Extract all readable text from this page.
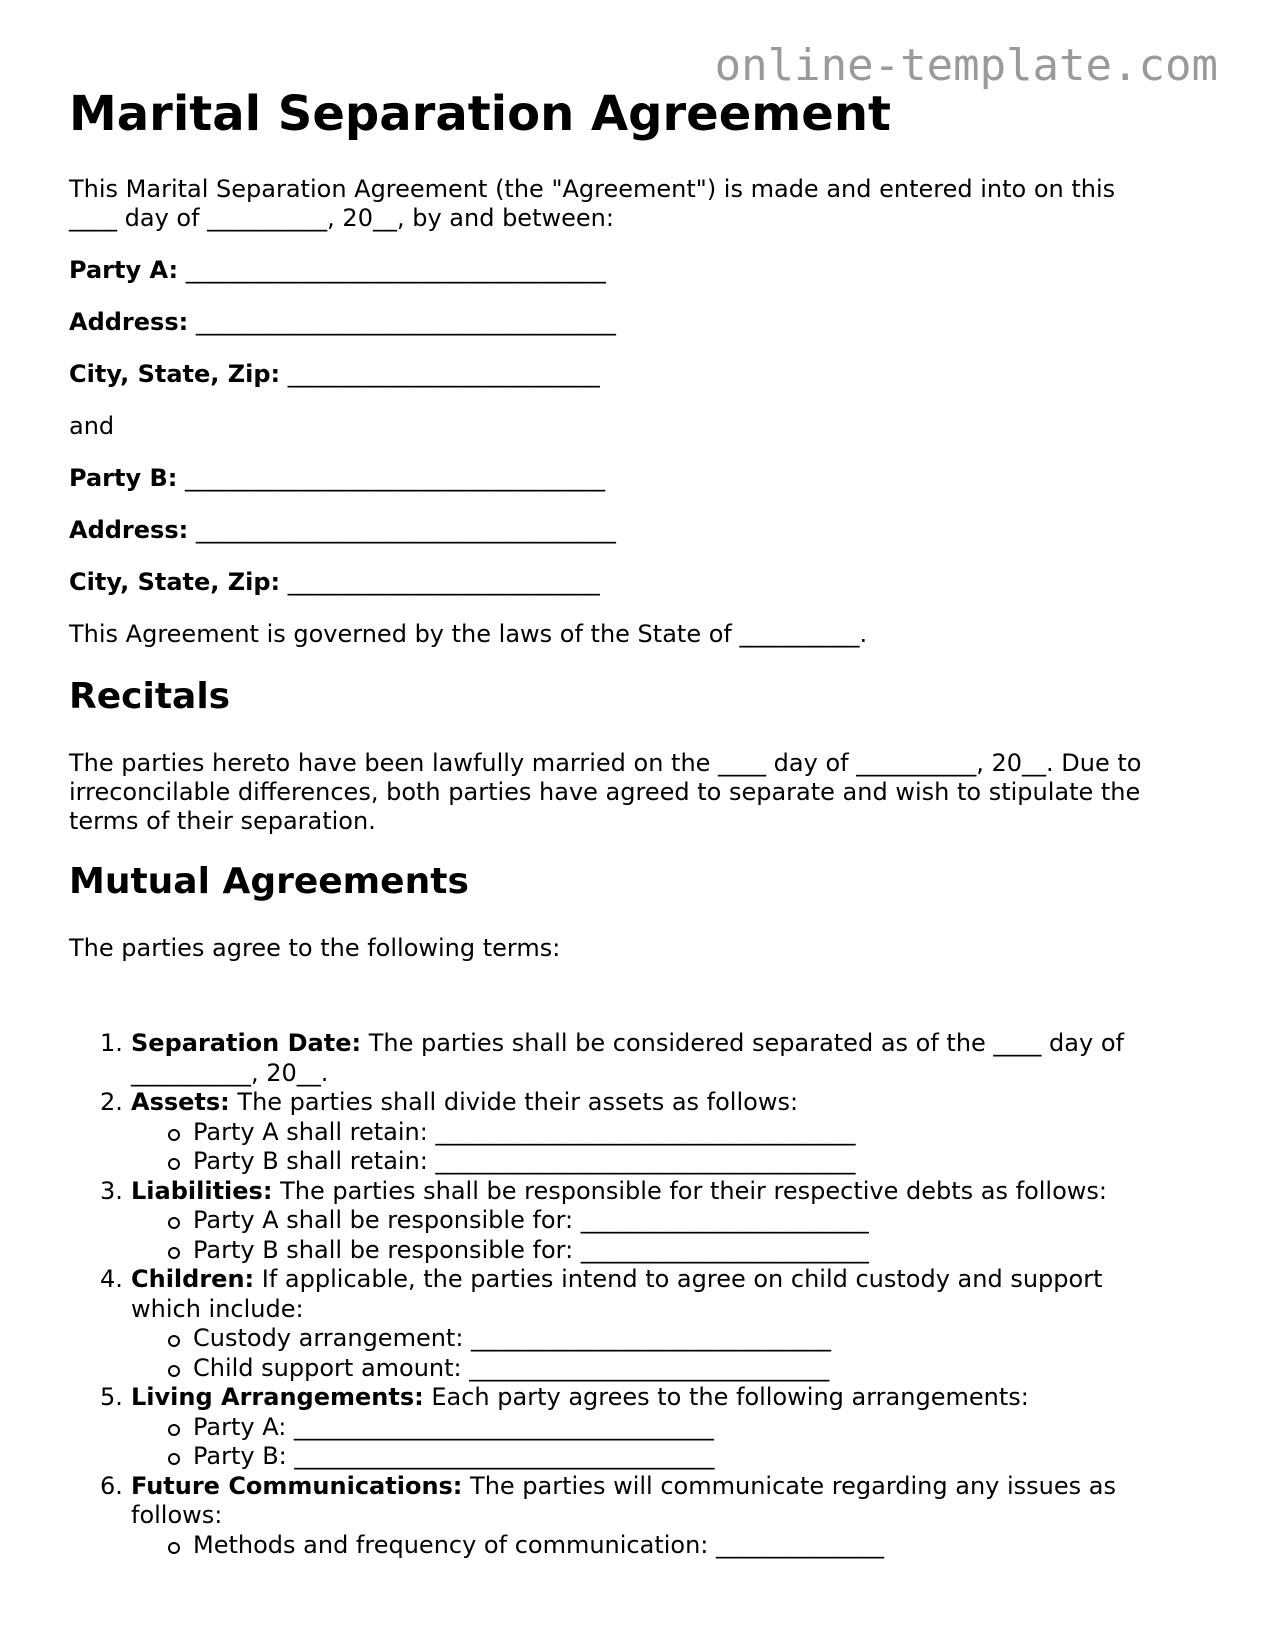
online-template.com
Marital Separation Agreement
This Marital Separation Agreement (the "Agreement") is made and entered into on this
____ day of __________, 20__, by and between:
Party A: ___________________________________
Address: ___________________________________
City, State, Zip: __________________________
and
Party B: ___________________________________
Address: ___________________________________
City, State, Zip: __________________________
This Agreement is governed by the laws of the State of __________.
Recitals
The parties hereto have been lawfully married on the ____ day of __________, 20__. Due to
irreconcilable differences, both parties have agreed to separate and wish to stipulate the
terms of their separation.
Mutual Agreements
The parties agree to the following terms:
1. Separation Date: The parties shall be considered separated as of the ____ day of
__________, 20__.
2. Assets: The parties shall divide their assets as follows:
Party A shall retain: ___________________________________
Party B shall retain: ___________________________________
3. Liabilities: The parties shall be responsible for their respective debts as follows:
Party A shall be responsible for: ________________________
Party B shall be responsible for: ________________________
4. Children: If applicable, the parties intend to agree on child custody and support
which include:
Custody arrangement: ______________________________
Child support amount: ______________________________
5. Living Arrangements: Each party agrees to the following arrangements:
Party A: ___________________________________
Party B: ___________________________________
6. Future Communications: The parties will communicate regarding any issues as
follows:
Methods and frequency of communication: ______________
